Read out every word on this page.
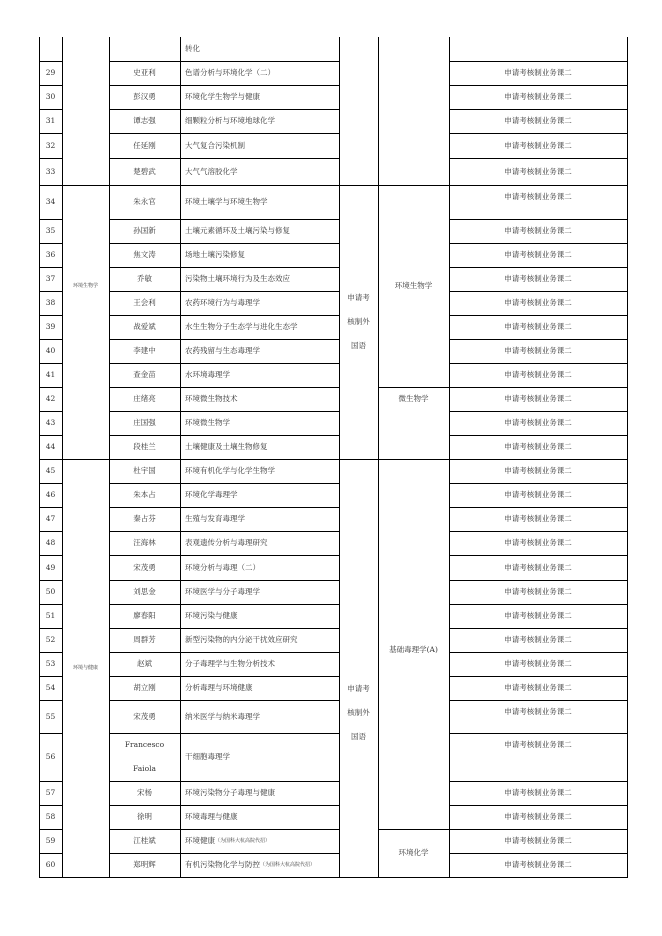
转化
29
30
31
32
33
34
35
36
37
38
39
40
41
42
43
44
45
46
47
48
49
50
51
52
53
54
55
56
57
58
59
60
环境生物学
环境与健康
史亚利
彭汉勇
谭志强
任延刚
楚碧武
朱永官
孙国新
焦文涛
乔敏
王会利
战爱斌
李建中
查金苗
庄绪亮
庄国强
段桂兰
杜宇国
朱本占
秦占芬
汪海林
宋茂勇
刘思金
廖春阳
周群芳
赵斌
胡立刚
宋茂勇
Francesco
Faiola
宋杨
徐明
江桂斌
郑明辉
色谱分析与环境化学（二）
环境化学生物学与健康
细颗粒分析与环境地球化学
大气复合污染机制
大气气溶胶化学
环境土壤学与环境生物学
土壤元素循环及土壤污染与修复
场地土壤污染修复
污染物土壤环境行为及生态效应
农药环境行为与毒理学
水生生物分子生态学与进化生态学
农药残留与生态毒理学
水环境毒理学
环境微生物技术
环境微生物学
土壤健康及土壤生物修复
环境有机化学与化学生物学
环境化学毒理学
生殖与发育毒理学
表观遗传分析与毒理研究
环境分析与毒理（二）
环境医学与分子毒理学
环境污染与健康
新型污染物的内分泌干扰效应研究
分子毒理学与生物分析技术
分析毒理与环境健康
纳米医学与纳米毒理学
干细胞毒理学
环境污染物分子毒理与健康
环境毒理与健康
环境健康 （为国科大杭高院代招）
有机污染物化学与防控 （为国科大杭高院代招）
申请考
核制外
国语
申请考
核制外
国语
环境生物学
微生物学
基础毒理学(A)
环境化学
申请考核制业务课二
申请考核制业务课二
申请考核制业务课二
申请考核制业务课二
申请考核制业务课二
申请考核制业务课二
申请考核制业务课二
申请考核制业务课二
申请考核制业务课二
申请考核制业务课二
申请考核制业务课二
申请考核制业务课二
申请考核制业务课二
申请考核制业务课二
申请考核制业务课二
申请考核制业务课二
申请考核制业务课二
申请考核制业务课二
申请考核制业务课二
申请考核制业务课二
申请考核制业务课二
申请考核制业务课二
申请考核制业务课二
申请考核制业务课二
申请考核制业务课二
申请考核制业务课二
申请考核制业务课二
申请考核制业务课二
申请考核制业务课二
申请考核制业务课二
申请考核制业务课二
申请考核制业务课二
